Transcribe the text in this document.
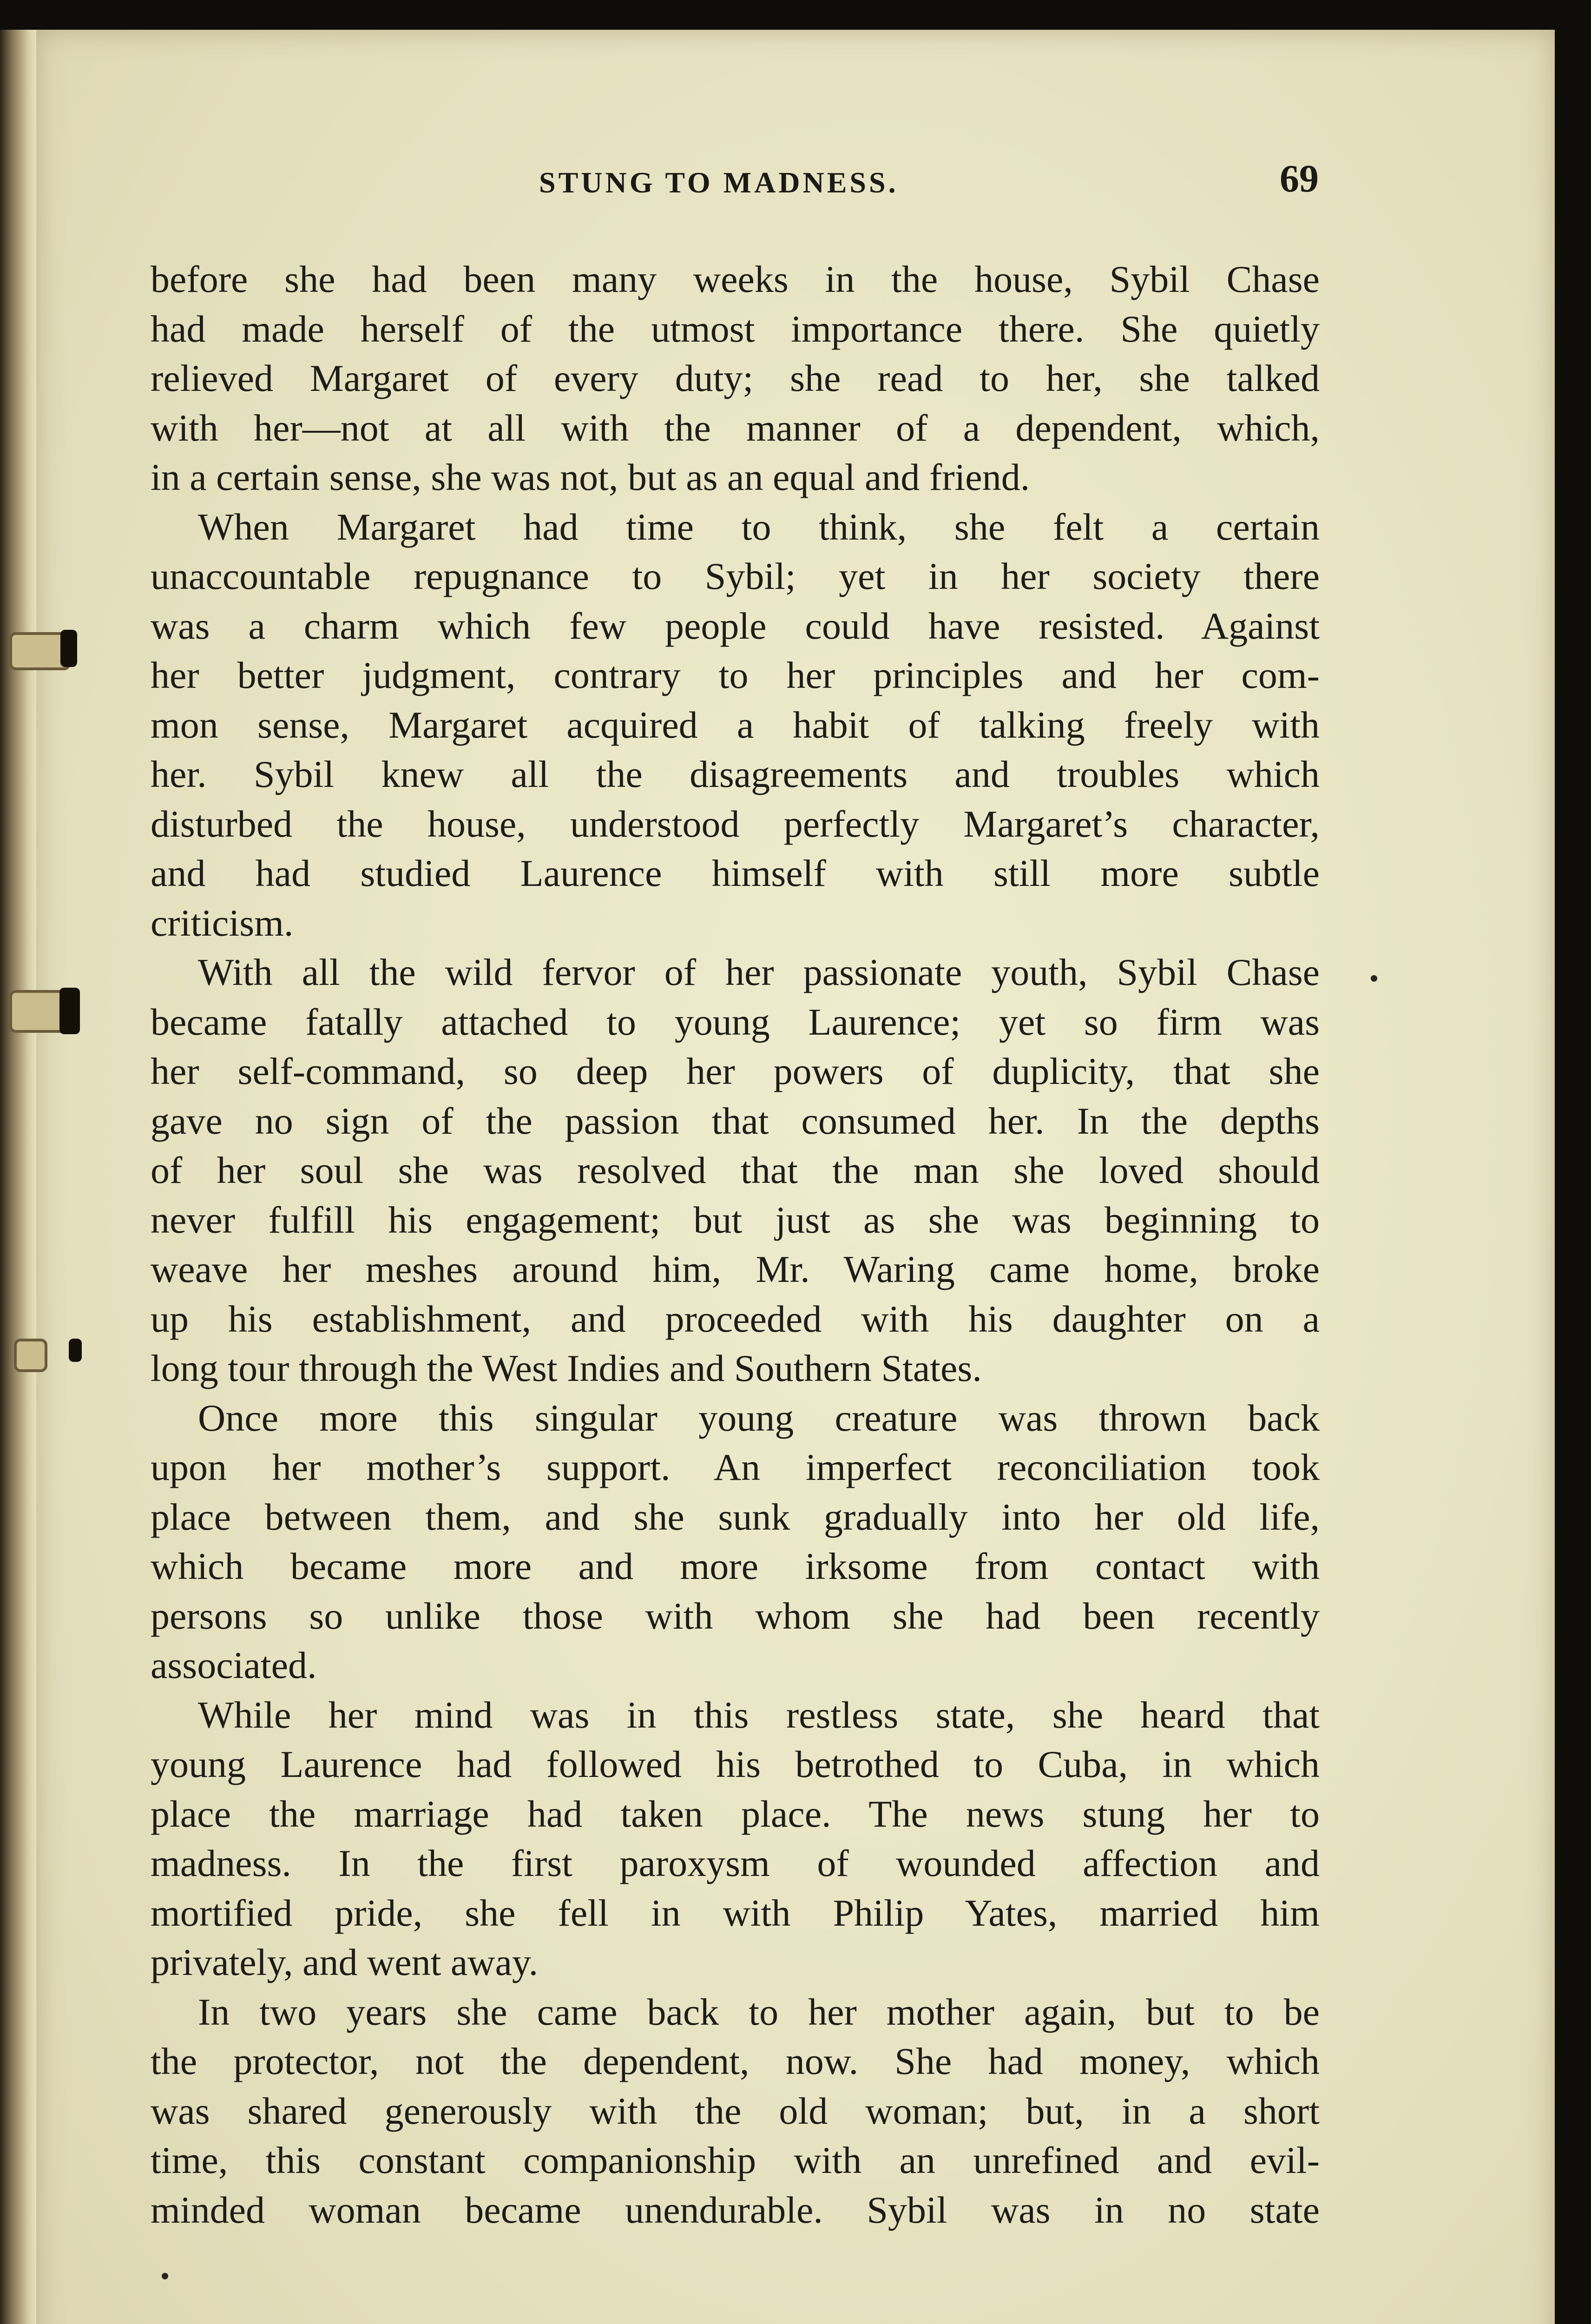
STUNG TO MADNESS.	69
before she had been many weeks in the house, Sybil Chase
had made herself of the utmost importance there. She quietly
relieved Margaret of every duty; she read to her, she talked
with her—not at all with the manner of a dependent, which,
in a certain sense, she was not, but as an equal and friend.
When Margaret had time to think, she felt a certain
unaccountable repugnance to Sybil; yet in her society there
was a charm which few people could have resisted. Against
her better judgment, contrary to her principles and her com-
mon sense, Margaret acquired a habit of talking freely with
her. Sybil knew all the disagreements and troubles which
disturbed the house, understood perfectly Margaret’s character,
and had studied Laurence himself with still more subtle
criticism.
With all the wild fervor of her passionate youth, Sybil Chase
became fatally attached to young Laurence; yet so firm was
her self-command, so deep her powers of duplicity, that she
gave no sign of the passion that consumed her. In the depths
of her soul she was resolved that the man she loved should
never fulfill his engagement; but just as she was beginning to
weave her meshes around him, Mr. Waring came home, broke
up his establishment, and proceeded with his daughter on a
long tour through the West Indies and Southern States.
Once more this singular young creature was thrown back
upon her mother’s support. An imperfect reconciliation took
place between them, and she sunk gradually into her old life,
which became more and more irksome from contact with
persons so unlike those with whom she had been recently
associated.
While her mind was in this restless state, she heard that
young Laurence had followed his betrothed to Cuba, in which
place the marriage had taken place. The news stung her to
madness. In the first paroxysm of wounded affection and
mortified pride, she fell in with Philip Yates, married him
privately, and went away.
In two years she came back to her mother again, but to be
the protector, not the dependent, now. She had money, which
was shared generously with the old woman; but, in a short
time, this constant companionship with an unrefined and evil-
minded woman became unendurable. Sybil was in no state
